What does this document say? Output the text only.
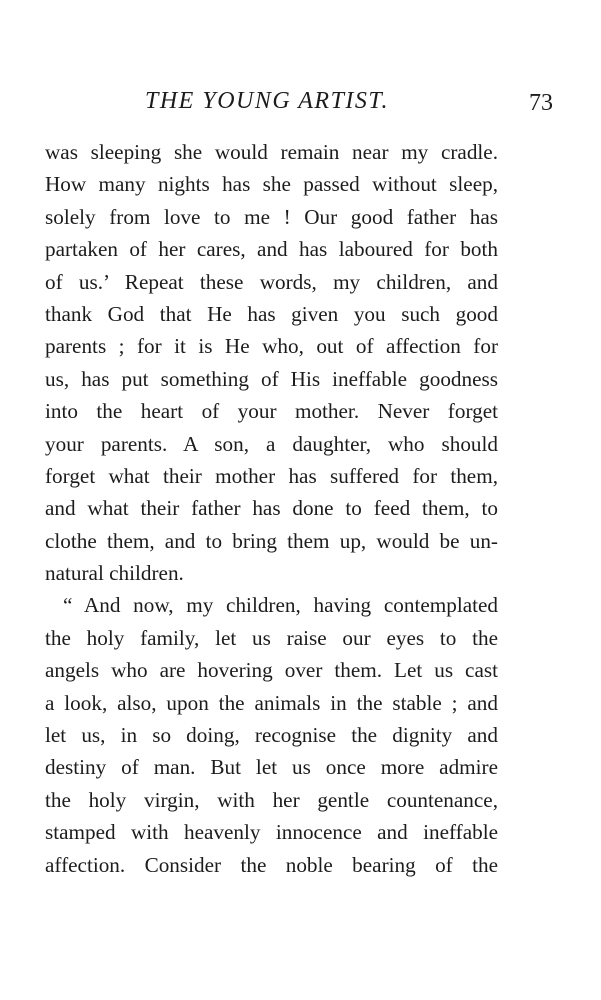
THE YOUNG ARTIST.	73
was sleeping she would remain near my cradle.
How many nights has she passed without sleep,
solely from love to me ! Our good father has
partaken of her cares, and has laboured for both
of us.’ Repeat these words, my children, and
thank God that He has given you such good
parents ; for it is He who, out of affection for
us, has put something of His ineffable goodness
into the heart of your mother. Never forget
your parents. A son, a daughter, who should
forget what their mother has suffered for them,
and what their father has done to feed them, to
clothe them, and to bring them up, would be un-
natural children.
“ And now, my children, having contemplated
the holy family, let us raise our eyes to the
angels who are hovering over them. Let us cast
a look, also, upon the animals in the stable ; and
let us, in so doing, recognise the dignity and
destiny of man. But let us once more admire
the holy virgin, with her gentle countenance,
stamped with heavenly innocence and ineffable
affection. Consider the noble bearing of the
